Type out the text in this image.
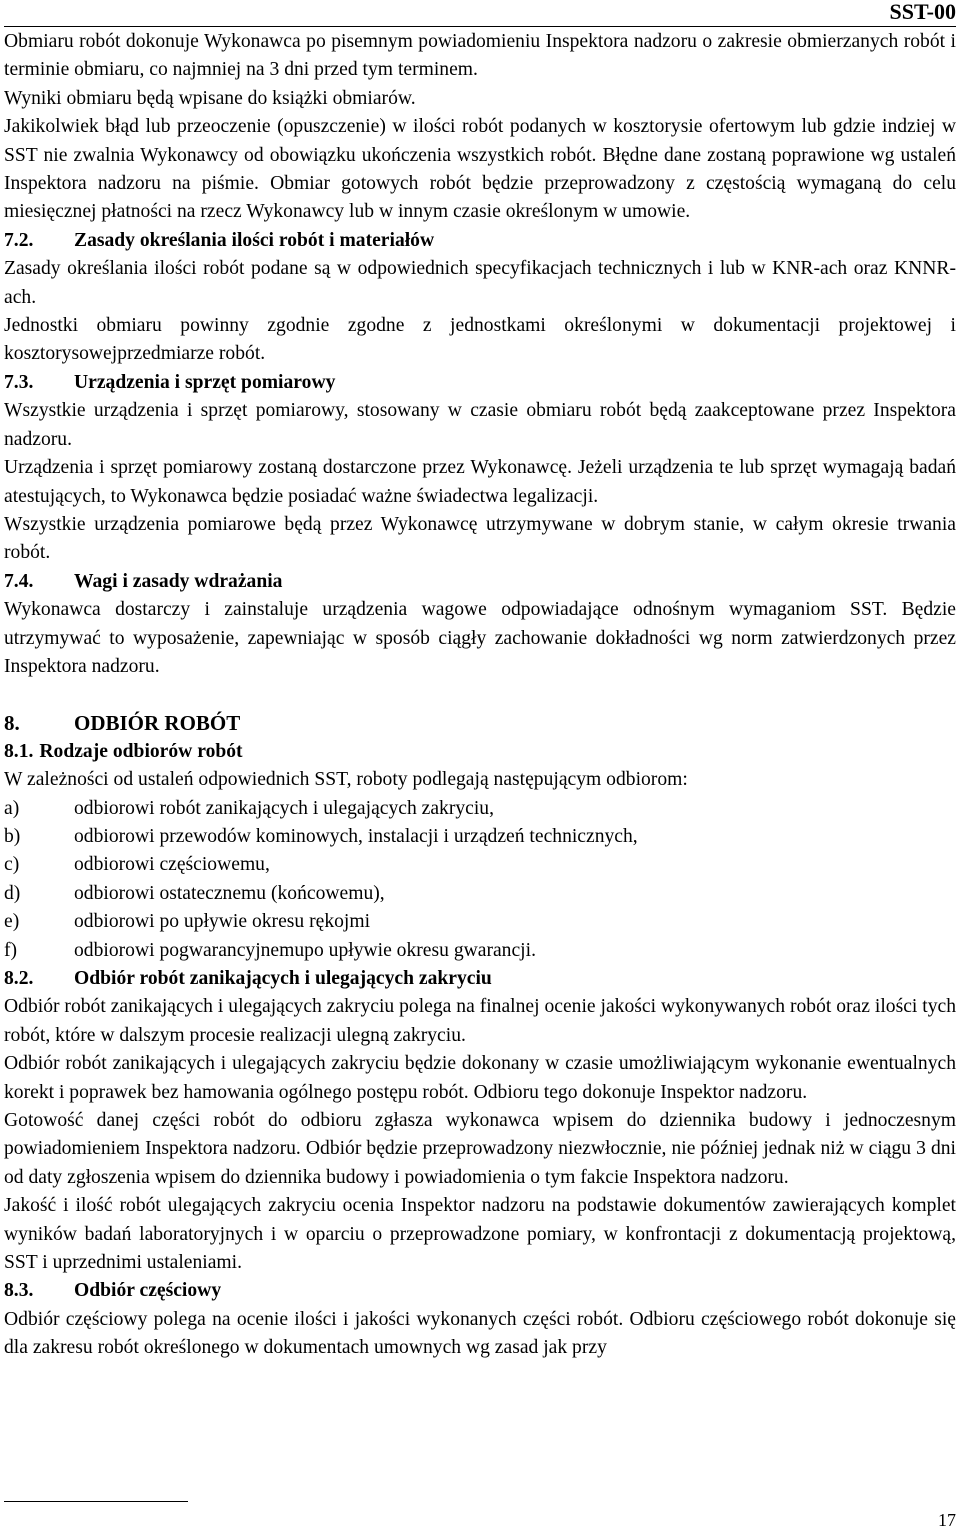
SST-00

Obmiaru robót dokonuje Wykonawca po pisemnym powiadomieniu Inspektora nadzoru o zakresie obmierzanych robót i terminie obmiaru, co najmniej na 3 dni przed tym terminem.

Wyniki obmiaru będą wpisane do książki obmiarów.

Jakikolwiek błąd lub przeoczenie (opuszczenie) w ilości robót podanych w kosztorysie ofertowym lub gdzie indziej w SST nie zwalnia Wykonawcy od obowiązku ukończenia wszystkich robót. Błędne dane zostaną poprawione wg ustaleń Inspektora nadzoru na piśmie. Obmiar gotowych robót będzie przeprowadzony z częstością wymaganą do celu miesięcznej płatności na rzecz Wykonawcy lub w innym czasie określonym w umowie.

7.2.	Zasady określania ilości robót i materiałów

Zasady określania ilości robót podane są w odpowiednich specyfikacjach technicznych i lub w KNR-ach oraz KNNR-ach.

Jednostki obmiaru powinny zgodnie zgodne z jednostkami określonymi w dokumentacji projektowej i kosztorysowejprzedmiarze robót.

7.3.	Urządzenia i sprzęt pomiarowy

Wszystkie urządzenia i sprzęt pomiarowy, stosowany w czasie obmiaru robót będą zaakceptowane przez Inspektora nadzoru.

Urządzenia i sprzęt pomiarowy zostaną dostarczone przez Wykonawcę. Jeżeli urządzenia te lub sprzęt wymagają badań atestujących, to Wykonawca będzie posiadać ważne świadectwa legalizacji.

Wszystkie urządzenia pomiarowe będą przez Wykonawcę utrzymywane w dobrym stanie, w całym okresie trwania robót.

7.4.	Wagi i zasady wdrażania

Wykonawca dostarczy i zainstaluje urządzenia wagowe odpowiadające odnośnym wymaganiom SST. Będzie utrzymywać to wyposażenie, zapewniając w sposób ciągły zachowanie dokładności wg norm zatwierdzonych przez Inspektora nadzoru.

8.	ODBIÓR ROBÓT
8.1. Rodzaje odbiorów robót

W zależności od ustaleń odpowiednich SST, roboty podlegają następującym odbiorom:

a)	odbiorowi robót zanikających i ulegających zakryciu,
b)	odbiorowi przewodów kominowych, instalacji i urządzeń technicznych,
c)	odbiorowi częściowemu,
d)	odbiorowi ostatecznemu (końcowemu),
e)	odbiorowi po upływie okresu rękojmi
f)	odbiorowi pogwarancyjnemupo upływie okresu gwarancji.
8.2.	Odbiór robót zanikających i ulegających zakryciu

Odbiór robót zanikających i ulegających zakryciu polega na finalnej ocenie jakości wykonywanych robót oraz ilości tych robót, które w dalszym procesie realizacji ulegną zakryciu.

Odbiór robót zanikających i ulegających zakryciu będzie dokonany w czasie umożliwiającym wykonanie ewentualnych korekt i poprawek bez hamowania ogólnego postępu robót. Odbioru tego dokonuje Inspektor nadzoru.

Gotowość danej części robót do odbioru zgłasza wykonawca wpisem do dziennika budowy i jednoczesnym powiadomieniem Inspektora nadzoru. Odbiór będzie przeprowadzony niezwłocznie, nie później jednak niż w ciągu 3 dni od daty zgłoszenia wpisem do dziennika budowy i powiadomienia o tym fakcie Inspektora nadzoru.

Jakość i ilość robót ulegających zakryciu ocenia Inspektor nadzoru na podstawie dokumentów zawierających komplet wyników badań laboratoryjnych i w oparciu o przeprowadzone pomiary, w konfrontacji z dokumentacją projektową, SST i uprzednimi ustaleniami.

8.3.	Odbiór częściowy

Odbiór częściowy polega na ocenie ilości i jakości wykonanych części robót. Odbioru częściowego robót dokonuje się dla zakresu robót określonego w dokumentach umownych wg zasad jak przy

17
